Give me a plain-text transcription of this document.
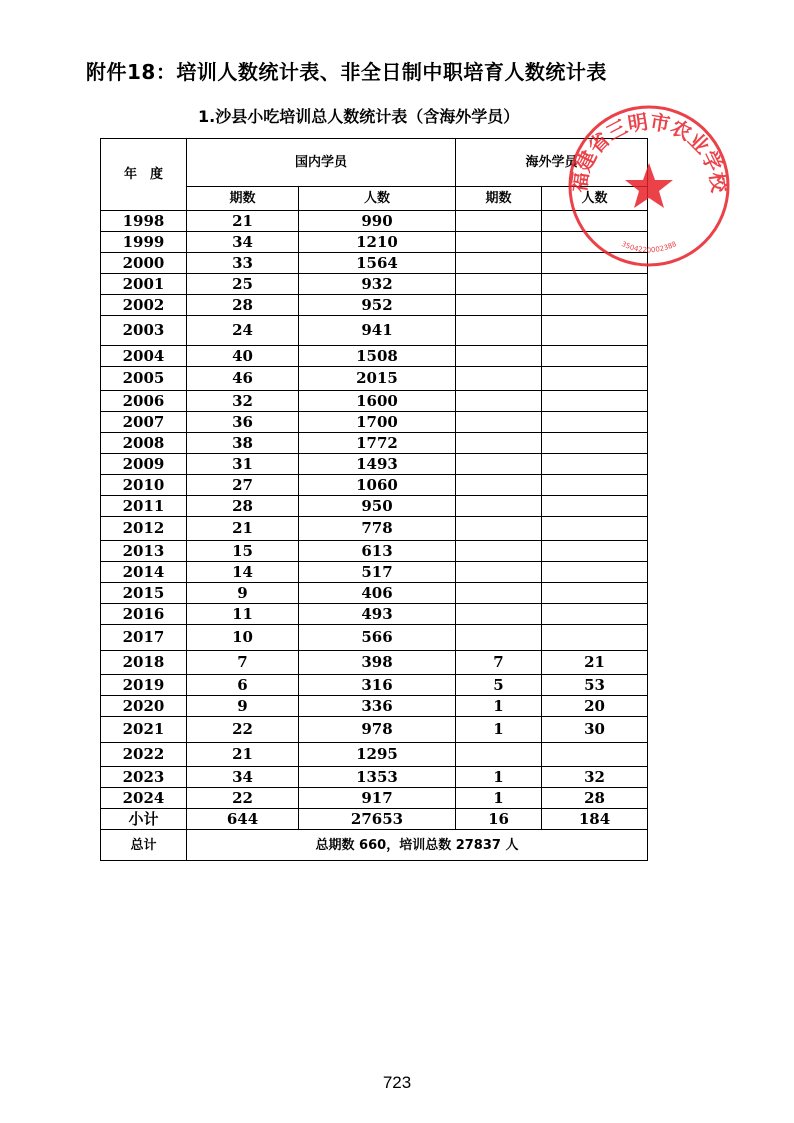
附件18：培训人数统计表、非全日制中职培育人数统计表
1.沙县小吃培训总人数统计表（含海外学员）
年　度	国内学员		海外学员	
	期数	人数	期数	人数
1998	21	990		
1999	34	1210		
2000	33	1564		
2001	25	932		
2002	28	952		
2003	24	941		
2004	40	1508		
2005	46	2015		
2006	32	1600		
2007	36	1700		
2008	38	1772		
2009	31	1493		
2010	27	1060		
2011	28	950		
2012	21	778		
2013	15	613		
2014	14	517		
2015	9	406		
2016	11	493		
2017	10	566		
2018	7	398	7	21
2019	6	316	5	53
2020	9	336	1	20
2021	22	978	1	30
2022	21	1295		
2023	34	1353	1	32
2024	22	917	1	28
小计	644	27653	16	184
总计	总期数 660，培训总数 27837 人			
福建省三明市农业学校
3504220002388
723
